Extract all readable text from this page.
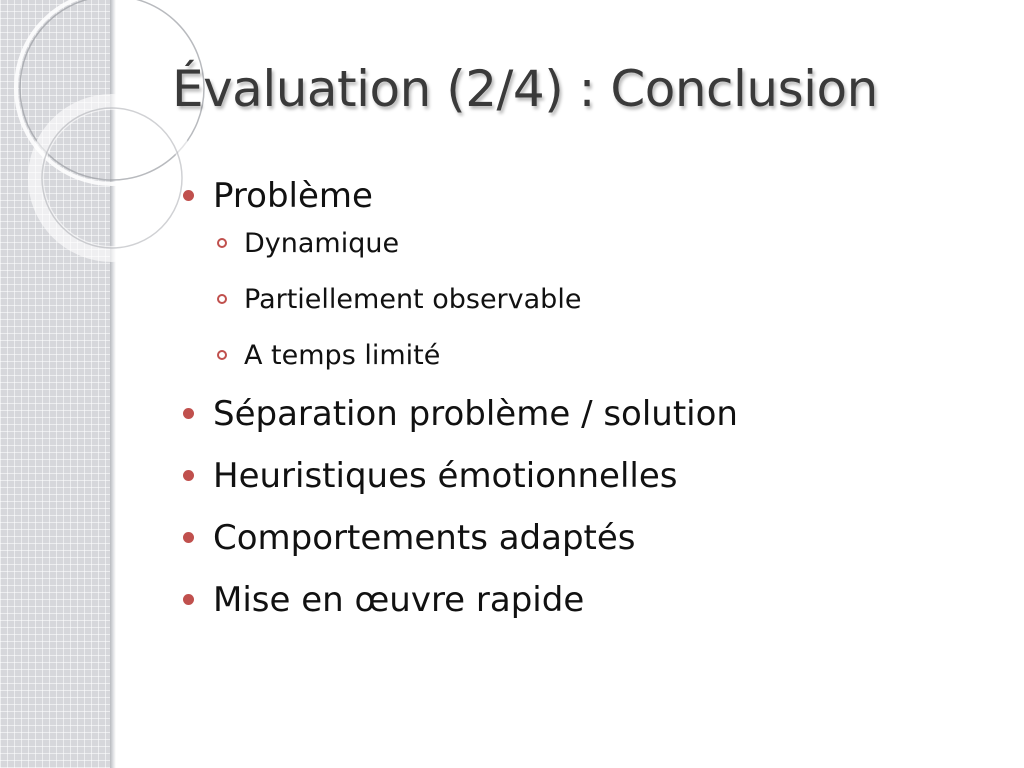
Évaluation (2/4) : Conclusion
Problème
Dynamique
Partiellement observable
A temps limité
Séparation problème / solution
Heuristiques émotionnelles
Comportements adaptés
Mise en œuvre rapide
